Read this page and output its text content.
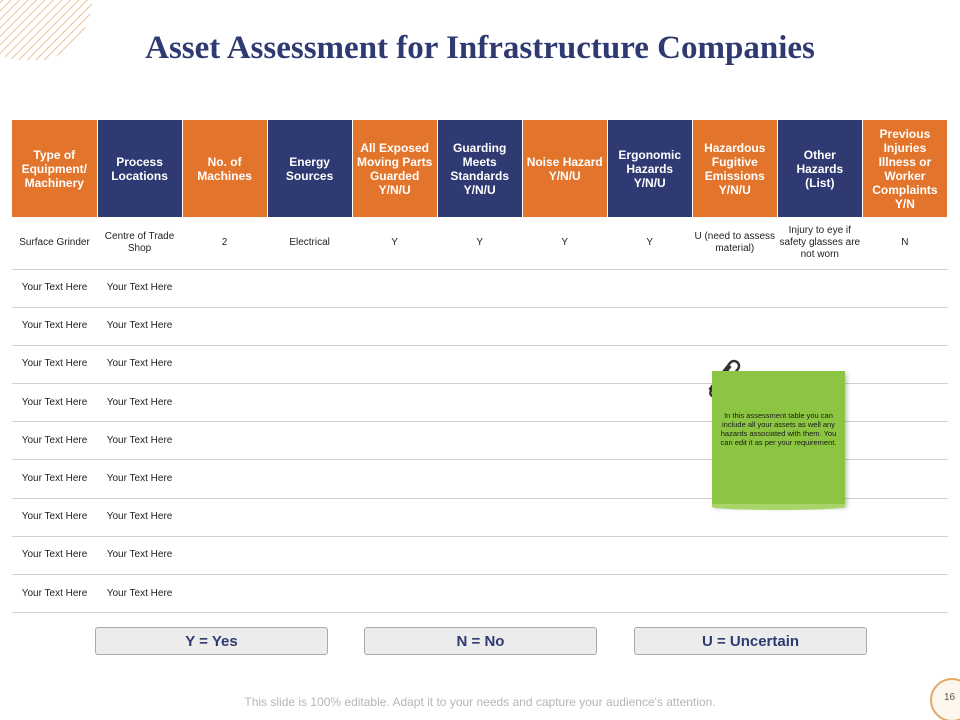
Asset Assessment for Infrastructure Companies
Type of Equipment/ Machinery	Process Locations	No. of Machines	Energy Sources	All Exposed Moving Parts Guarded Y/N/U	Guarding Meets Standards Y/N/U	Noise Hazard Y/N/U	Ergonomic Hazards Y/N/U	Hazardous Fugitive Emissions Y/N/U	Other Hazards (List)	Previous Injuries Illness or Worker Complaints Y/N
Surface Grinder	Centre of Trade Shop	2	Electrical	Y	Y	Y	Y	U (need to assess material)	Injury to eye if safety glasses are not worn	N
Your Text Here	Your Text Here									
Your Text Here	Your Text Here									
Your Text Here	Your Text Here									
Your Text Here	Your Text Here									
Your Text Here	Your Text Here									
Your Text Here	Your Text Here									
Your Text Here	Your Text Here									
Your Text Here	Your Text Here									
Your Text Here	Your Text Here									
In this assessment table you can include all your assets as well any hazards associated with them. You can edit it as per your requirement.
Y = Yes	N = No	U = Uncertain
This slide is 100% editable. Adapt it to your needs and capture your audience's attention.	16
